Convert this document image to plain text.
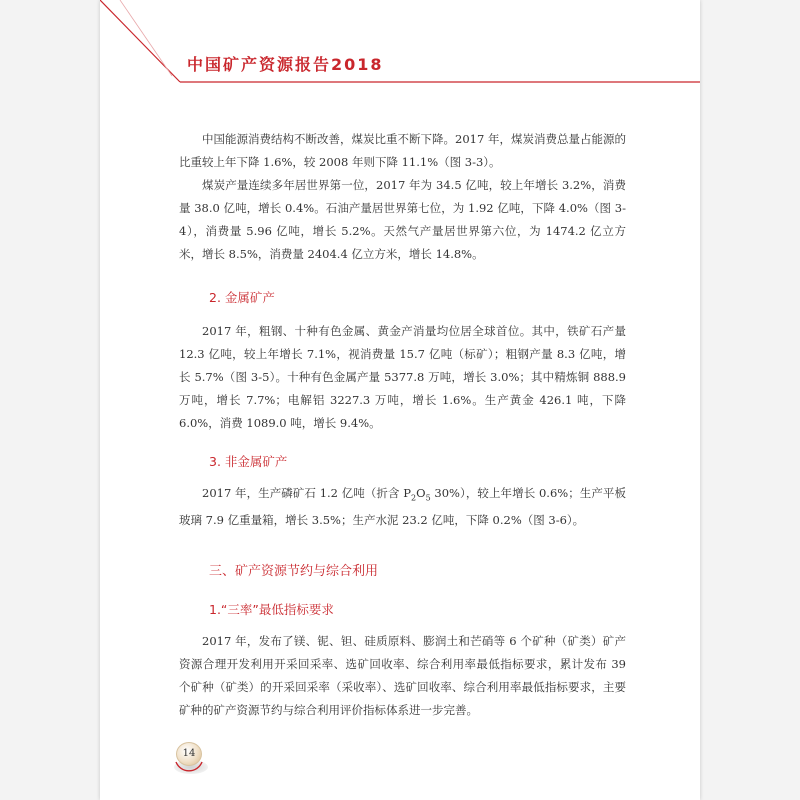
中国矿产资源报告2018

中国能源消费结构不断改善，煤炭比重不断下降。2017 年，煤炭消费总量占能源的比重较上年下降 1.6%，较 2008 年则下降 11.1%（图 3-3）。

煤炭产量连续多年居世界第一位，2017 年为 34.5 亿吨，较上年增长 3.2%，消费量 38.0 亿吨，增长 0.4%。石油产量居世界第七位，为 1.92 亿吨，下降 4.0%（图 3-4），消费量 5.96 亿吨，增长 5.2%。天然气产量居世界第六位，为 1474.2 亿立方米，增长 8.5%，消费量 2404.4 亿立方米，增长 14.8%。

2. 金属矿产

2017 年，粗钢、十种有色金属、黄金产消量均位居全球首位。其中，铁矿石产量 12.3 亿吨，较上年增长 7.1%，视消费量 15.7 亿吨（标矿）；粗钢产量 8.3 亿吨，增长 5.7%（图 3-5）。十种有色金属产量 5377.8 万吨，增长 3.0%；其中精炼铜 888.9 万吨，增长 7.7%；电解铝 3227.3 万吨，增长 1.6%。生产黄金 426.1 吨，下降 6.0%，消费 1089.0 吨，增长 9.4%。

3. 非金属矿产

2017 年，生产磷矿石 1.2 亿吨（折含 $P_2O_5$ 30%），较上年增长 0.6%；生产平板玻璃 7.9 亿重量箱，增长 3.5%；生产水泥 23.2 亿吨，下降 0.2%（图 3-6）。

三、矿产资源节约与综合利用
1.“三率”最低指标要求

2017 年，发布了镁、铌、钽、硅质原料、膨润土和芒硝等 6 个矿种（矿类）矿产资源合理开发利用开采回采率、选矿回收率、综合利用率最低指标要求，累计发布 39 个矿种（矿类）的开采回采率（采收率）、选矿回收率、综合利用率最低指标要求，主要矿种的矿产资源节约与综合利用评价指标体系进一步完善。

14
